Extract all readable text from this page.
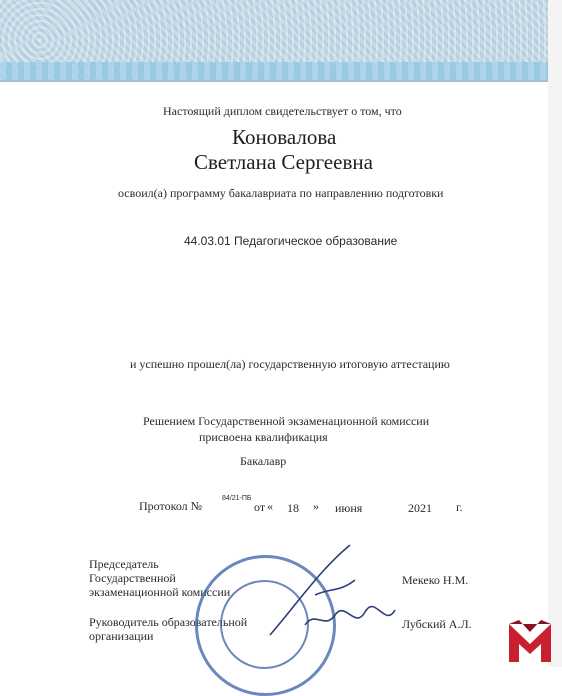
Настоящий диплом свидетельствует о том, что
Коновалова
Светлана Сергеевна
освоил(а) программу бакалавриата по направлению подготовки
44.03.01 Педагогическое образование
и успешно прошел(ла) государственную итоговую аттестацию
Решением Государственной экзаменационной комиссии
присвоена квалификация
Бакалавр
Протокол №
84/21-ПБ
от « 18 » июня	2021 г.
Председатель
Государственной
экзаменационной комиссии
Мекеко Н.М.
Руководитель образовательной
организации
Лубский А.Л.
